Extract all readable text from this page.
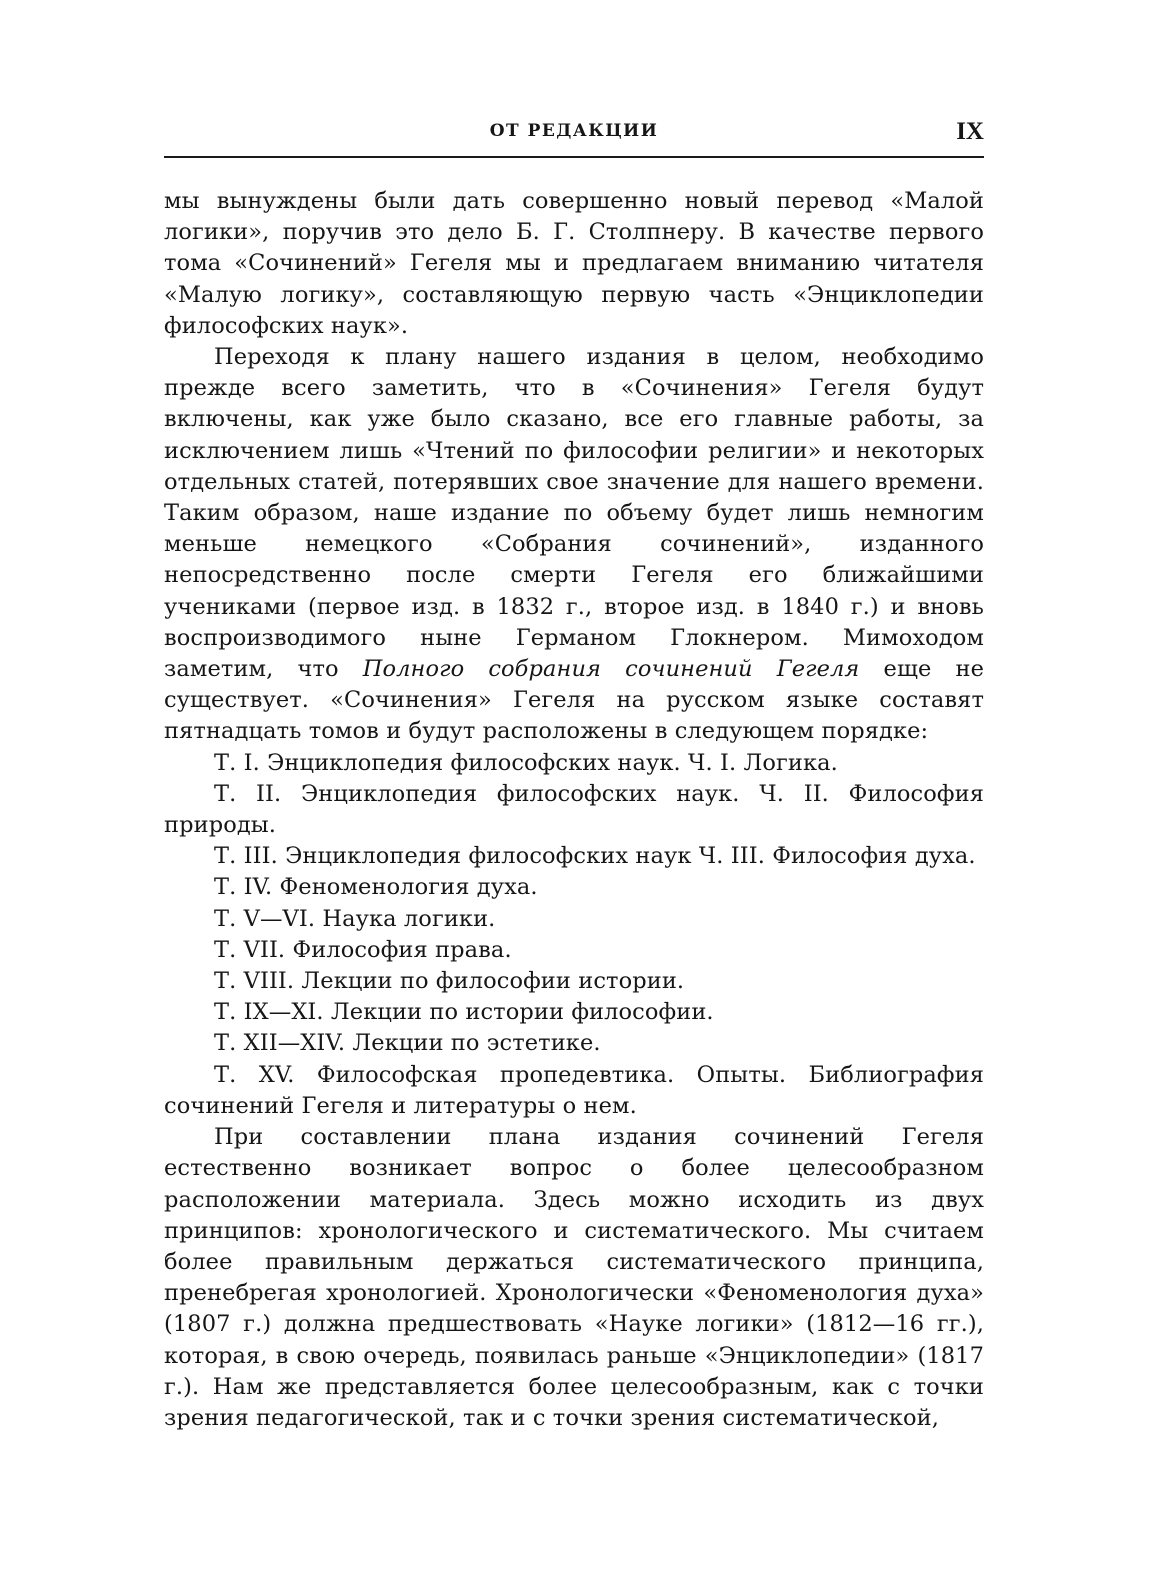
ОТ РЕДАКЦИИ	IX

мы вынуждены были дать совершенно новый перевод «Малой логики», поручив это дело Б. Г. Столпнеру. В качестве первого тома «Сочинений» Гегеля мы и предлагаем вниманию читателя «Малую логику», составляющую первую часть «Энциклопедии философских наук».

Переходя к плану нашего издания в целом, необходимо прежде всего заметить, что в «Сочинения» Гегеля будут включены, как уже было сказано, все его главные работы, за исключением лишь «Чтений по философии религии» и некоторых отдельных статей, потерявших свое значение для нашего времени. Таким образом, наше издание по объему будет лишь немногим меньше немецкого «Собрания сочинений», изданного непосредственно после смерти Гегеля его ближайшими учениками (первое изд. в 1832 г., второе изд. в 1840 г.) и вновь воспроизводимого ныне Германом Глокнером. Мимоходом заметим, что Полного собрания сочинений Гегеля еще не существует. «Сочинения» Гегеля на русском языке составят пятнадцать томов и будут расположены в следующем порядке:

Т. I. Энциклопедия философских наук. Ч. I. Логика.
Т. II. Энциклопедия философских наук. Ч. II. Философия природы.
Т. III. Энциклопедия философских наук Ч. III. Философия духа.
Т. IV. Феноменология духа.
Т. V—VI. Наука логики.
Т. VII. Философия права.
Т. VIII. Лекции по философии истории.
Т. IX—XI. Лекции по истории философии.
Т. XII—XIV. Лекции по эстетике.
Т. XV. Философская пропедевтика. Опыты. Библиография сочинений Гегеля и литературы о нем.

При составлении плана издания сочинений Гегеля естественно возникает вопрос о более целесообразном расположении материала. Здесь можно исходить из двух принципов: хронологического и систематического. Мы считаем более правильным держаться систематического принципа, пренебрегая хронологией. Хронологически «Феноменология духа» (1807 г.) должна предшествовать «Науке логики» (1812—16 гг.), которая, в свою очередь, появилась раньше «Энциклопедии» (1817 г.). Нам же представляется более целесообразным, как с точки зрения педагогической, так и с точки зрения систематической,
